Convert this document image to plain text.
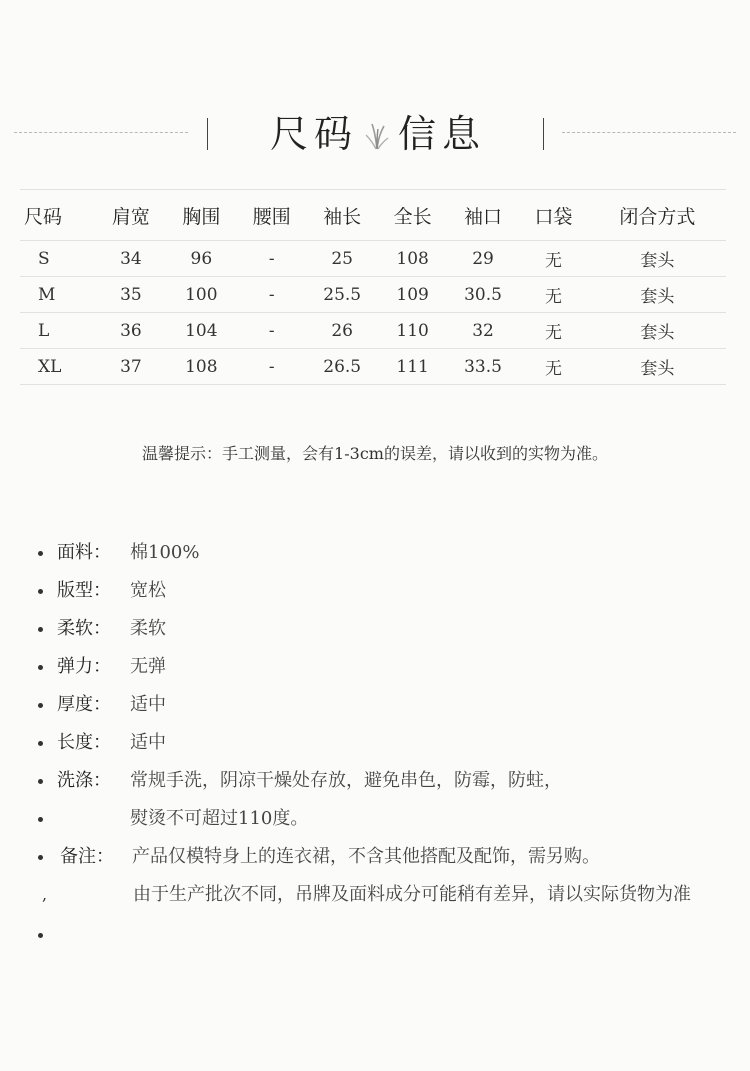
尺码 信息
尺码	肩宽	胸围	腰围	袖长	全长	袖口	口袋	闭合方式
S	34	96	-	25	108	29	无	套头
M	35	100	-	25.5	109	30.5	无	套头
L	36	104	-	26	110	32	无	套头
XL	37	108	-	26.5	111	33.5	无	套头
温馨提示：手工测量，会有1-3cm的误差，请以收到的实物为准。
面料： 棉100%
版型： 宽松
柔软： 柔软
弹力： 无弹
厚度： 适中
长度： 适中
洗涤： 常规手洗，阴凉干燥处存放，避免串色，防霉，防蛀，
熨烫不可超过110度。
备注： 产品仅模特身上的连衣裙，不含其他搭配及配饰，需另购。
,	由于生产批次不同，吊牌及面料成分可能稍有差异，请以实际货物为准
